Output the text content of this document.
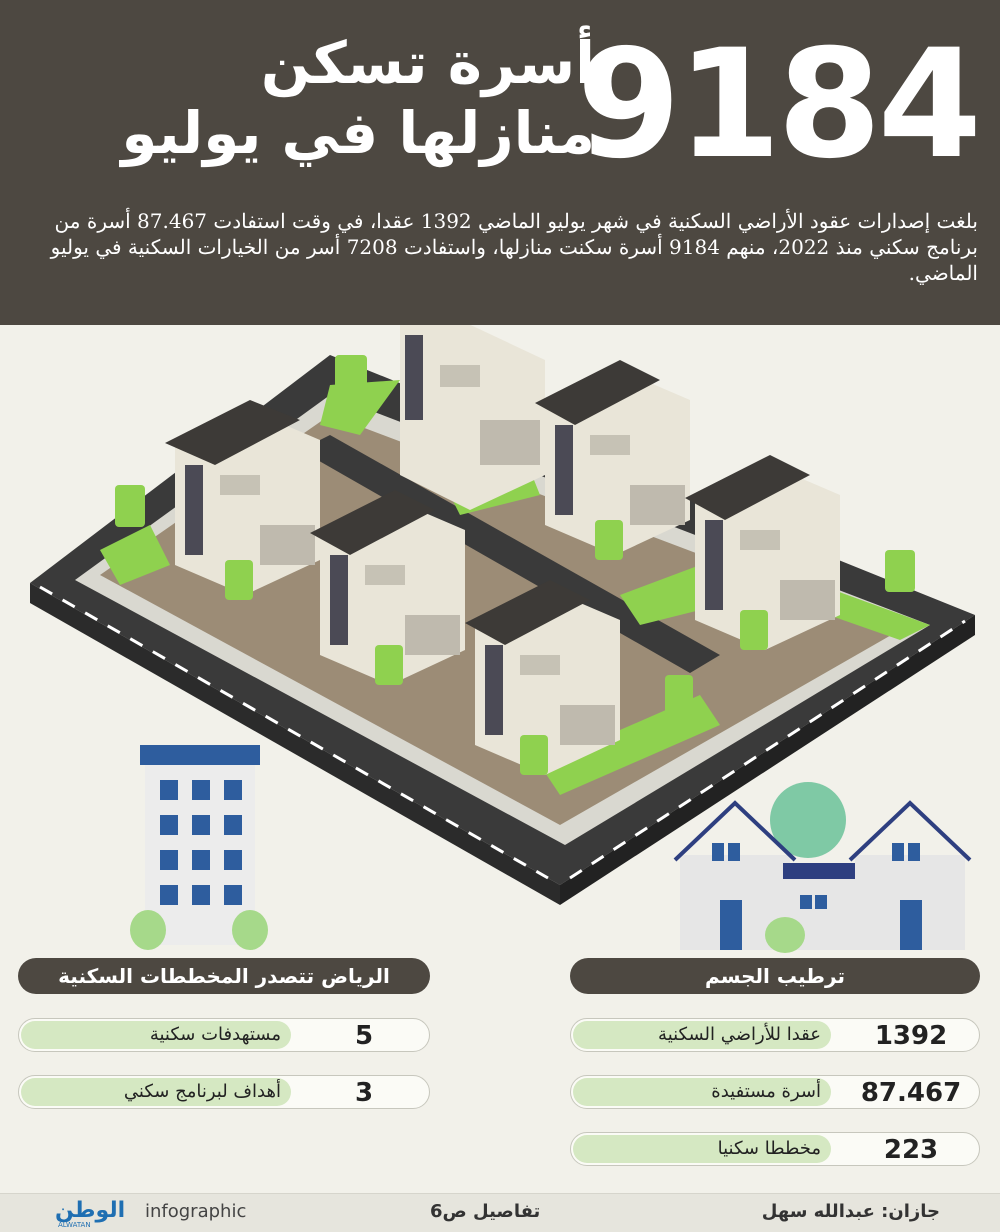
9184
أسرة تسكن
منازلها في يوليو
بلغت إصدارات عقود الأراضي السكنية في شهر يوليو الماضي 1392 عقدا، في وقت استفادت 87.467 أسرة من برنامج سكني منذ 2022، منهم 9184 أسرة سكنت منازلها، واستفادت 7208 أسر من الخيارات السكنية في يوليو الماضي.
الرياض تتصدر المخططات السكنية
5
مستهدفات سكنية
3
أهداف لبرنامج سكني
ترطيب الجسم
1392
عقدا للأراضي السكنية
87.467
أسرة مستفيدة
223
مخططا سكنيا
الوطن
ALWATAN
infographic	تفاصيل ص6	جازان: عبدالله سهل
